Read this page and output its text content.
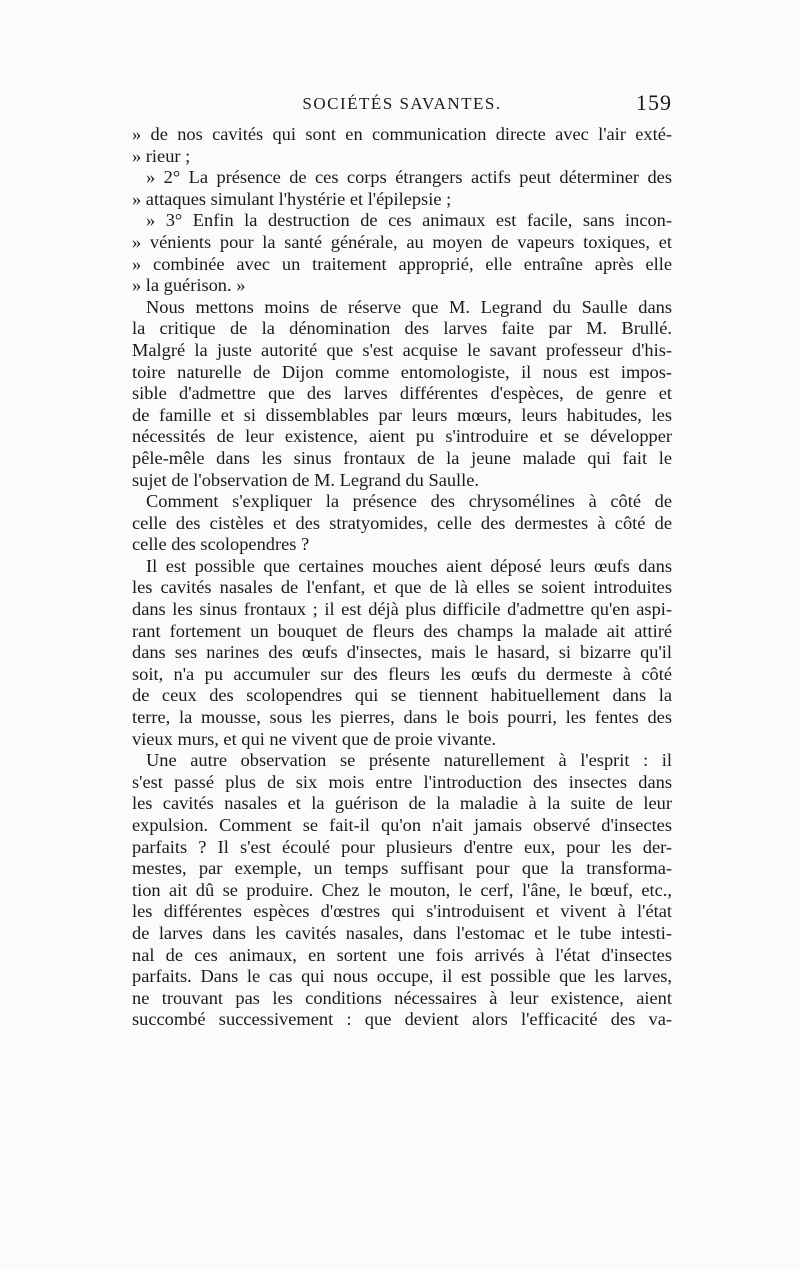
SOCIÉTÉS SAVANTES.	159
» de nos cavités qui sont en communication directe avec l'air exté-
» rieur ;
» 2° La présence de ces corps étrangers actifs peut déterminer des
» attaques simulant l'hystérie et l'épilepsie ;
» 3° Enfin la destruction de ces animaux est facile, sans incon-
» vénients pour la santé générale, au moyen de vapeurs toxiques, et
» combinée avec un traitement approprié, elle entraîne après elle
» la guérison. »
Nous mettons moins de réserve que M. Legrand du Saulle dans
la critique de la dénomination des larves faite par M. Brullé.
Malgré la juste autorité que s'est acquise le savant professeur d'his-
toire naturelle de Dijon comme entomologiste, il nous est impos-
sible d'admettre que des larves différentes d'espèces, de genre et
de famille et si dissemblables par leurs mœurs, leurs habitudes, les
nécessités de leur existence, aient pu s'introduire et se développer
pêle-mêle dans les sinus frontaux de la jeune malade qui fait le
sujet de l'observation de M. Legrand du Saulle.
Comment s'expliquer la présence des chrysomélines à côté de
celle des cistèles et des stratyomides, celle des dermestes à côté de
celle des scolopendres ?
Il est possible que certaines mouches aient déposé leurs œufs dans
les cavités nasales de l'enfant, et que de là elles se soient introduites
dans les sinus frontaux ; il est déjà plus difficile d'admettre qu'en aspi-
rant fortement un bouquet de fleurs des champs la malade ait attiré
dans ses narines des œufs d'insectes, mais le hasard, si bizarre qu'il
soit, n'a pu accumuler sur des fleurs les œufs du dermeste à côté
de ceux des scolopendres qui se tiennent habituellement dans la
terre, la mousse, sous les pierres, dans le bois pourri, les fentes des
vieux murs, et qui ne vivent que de proie vivante.
Une autre observation se présente naturellement à l'esprit : il
s'est passé plus de six mois entre l'introduction des insectes dans
les cavités nasales et la guérison de la maladie à la suite de leur
expulsion. Comment se fait-il qu'on n'ait jamais observé d'insectes
parfaits ? Il s'est écoulé pour plusieurs d'entre eux, pour les der-
mestes, par exemple, un temps suffisant pour que la transforma-
tion ait dû se produire. Chez le mouton, le cerf, l'âne, le bœuf, etc.,
les différentes espèces d'œstres qui s'introduisent et vivent à l'état
de larves dans les cavités nasales, dans l'estomac et le tube intesti-
nal de ces animaux, en sortent une fois arrivés à l'état d'insectes
parfaits. Dans le cas qui nous occupe, il est possible que les larves,
ne trouvant pas les conditions nécessaires à leur existence, aient
succombé successivement : que devient alors l'efficacité des va-
